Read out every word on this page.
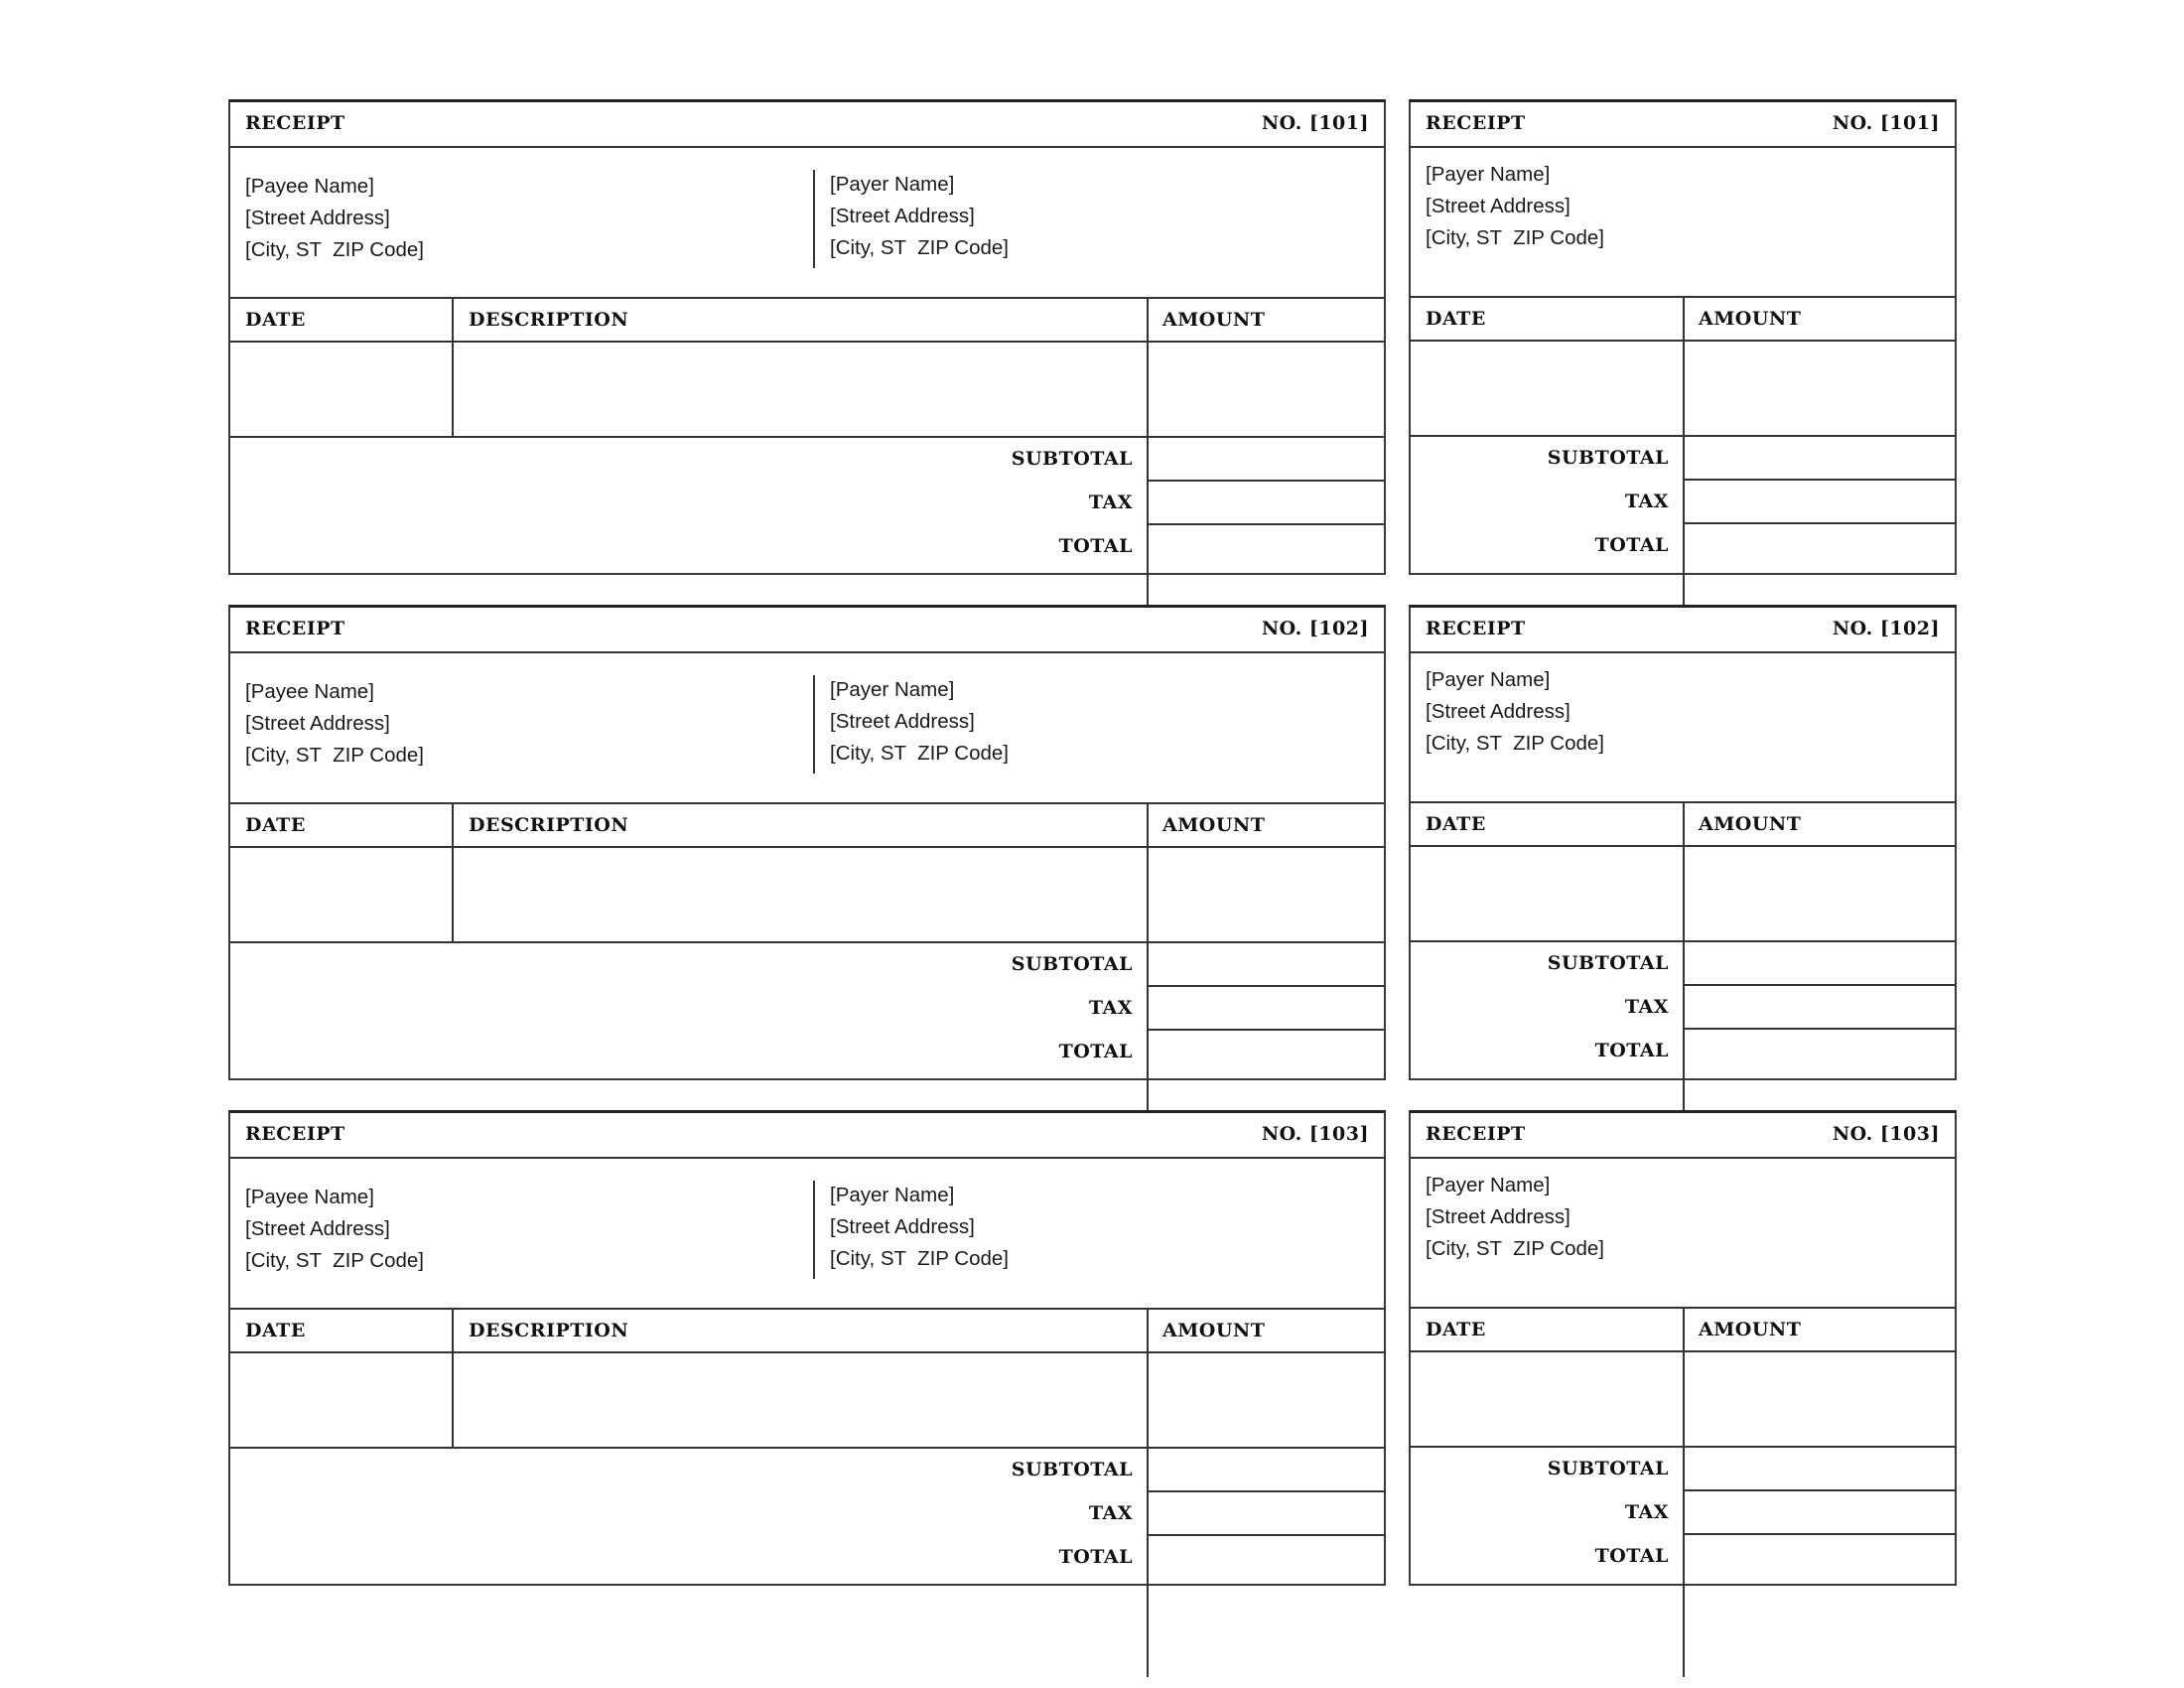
RECEIPT	NO. [101]
[Payee Name]
[Street Address]
[City, ST  ZIP Code]
[Payer Name]
[Street Address]
[City, ST  ZIP Code]
DATE	DESCRIPTION	AMOUNT
SUBTOTAL
TAX
TOTAL
RECEIPT	NO. [101]
[Payer Name]
[Street Address]
[City, ST  ZIP Code]
DATE	AMOUNT
SUBTOTAL
TAX
TOTAL
RECEIPT	NO. [102]
[Payee Name]
[Street Address]
[City, ST  ZIP Code]
[Payer Name]
[Street Address]
[City, ST  ZIP Code]
DATE	DESCRIPTION	AMOUNT
SUBTOTAL
TAX
TOTAL
RECEIPT	NO. [102]
[Payer Name]
[Street Address]
[City, ST  ZIP Code]
DATE	AMOUNT
SUBTOTAL
TAX
TOTAL
RECEIPT	NO. [103]
[Payee Name]
[Street Address]
[City, ST  ZIP Code]
[Payer Name]
[Street Address]
[City, ST  ZIP Code]
DATE	DESCRIPTION	AMOUNT
SUBTOTAL
TAX
TOTAL
RECEIPT	NO. [103]
[Payer Name]
[Street Address]
[City, ST  ZIP Code]
DATE	AMOUNT
SUBTOTAL
TAX
TOTAL
